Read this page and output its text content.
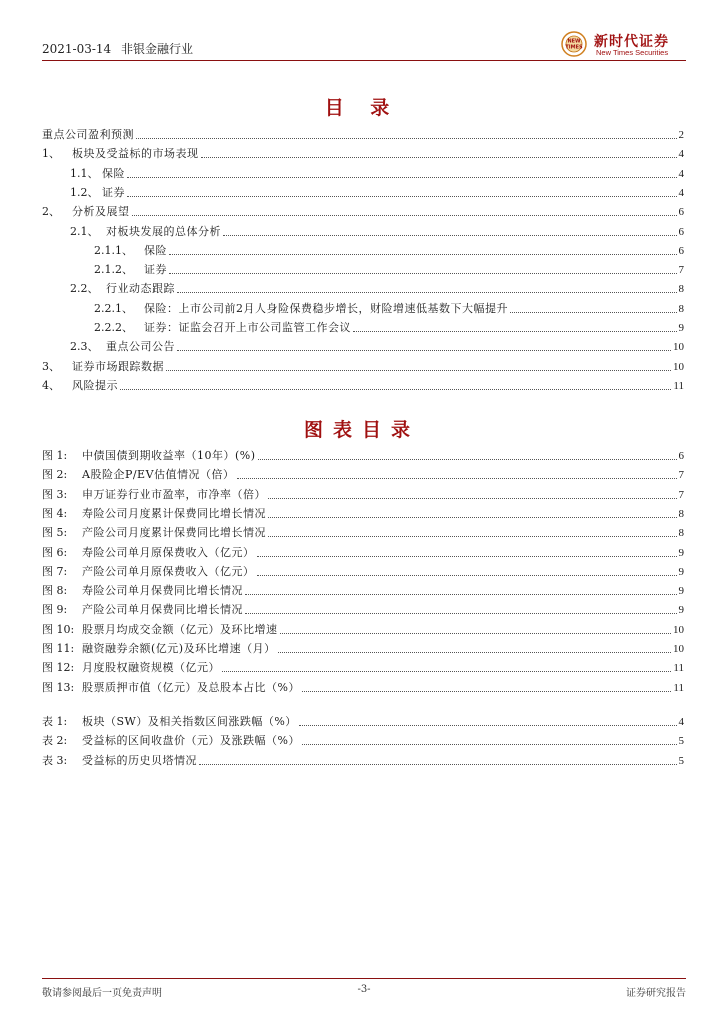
2021-03-14 非银金融行业
NEW
TIMES 新时代证券
New Times Securities
目 录
重点公司盈利预测	2
1、	板块及受益标的市场表现	4
1.1、 保险	4
1.2、 证券	4
2、	分析及展望	6
2.1、 对板块发展的总体分析	6
2.1.1、	保险	6
2.1.2、	证券	7
2.2、 行业动态跟踪	8
2.2.1、	保险：上市公司前2月人身险保费稳步增长，财险增速低基数下大幅提升	8
2.2.2、	证券：证监会召开上市公司监管工作会议	9
2.3、 重点公司公告	10
3、	证券市场跟踪数据	10
4、	风险提示	11
图表目录
图 1:	中债国债到期收益率（10年）(%)	6
图 2:	A股险企P/EV估值情况（倍）	7
图 3:	申万证券行业市盈率，市净率（倍）	7
图 4:	寿险公司月度累计保费同比增长情况	8
图 5:	产险公司月度累计保费同比增长情况	8
图 6:	寿险公司单月原保费收入（亿元）	9
图 7:	产险公司单月原保费收入（亿元）	9
图 8:	寿险公司单月保费同比增长情况	9
图 9:	产险公司单月保费同比增长情况	9
图 10: 股票月均成交金额（亿元）及环比增速	10
图 11: 融资融券余额(亿元)及环比增速（月）	10
图 12: 月度股权融资规模（亿元）	11
图 13: 股票质押市值（亿元）及总股本占比（%）	11
表 1:	板块（SW）及相关指数区间涨跌幅（%）	4
表 2:	受益标的区间收盘价（元）及涨跌幅（%）	5
表 3:	受益标的历史贝塔情况	5
敬请参阅最后一页免责声明	-3-	证券研究报告
